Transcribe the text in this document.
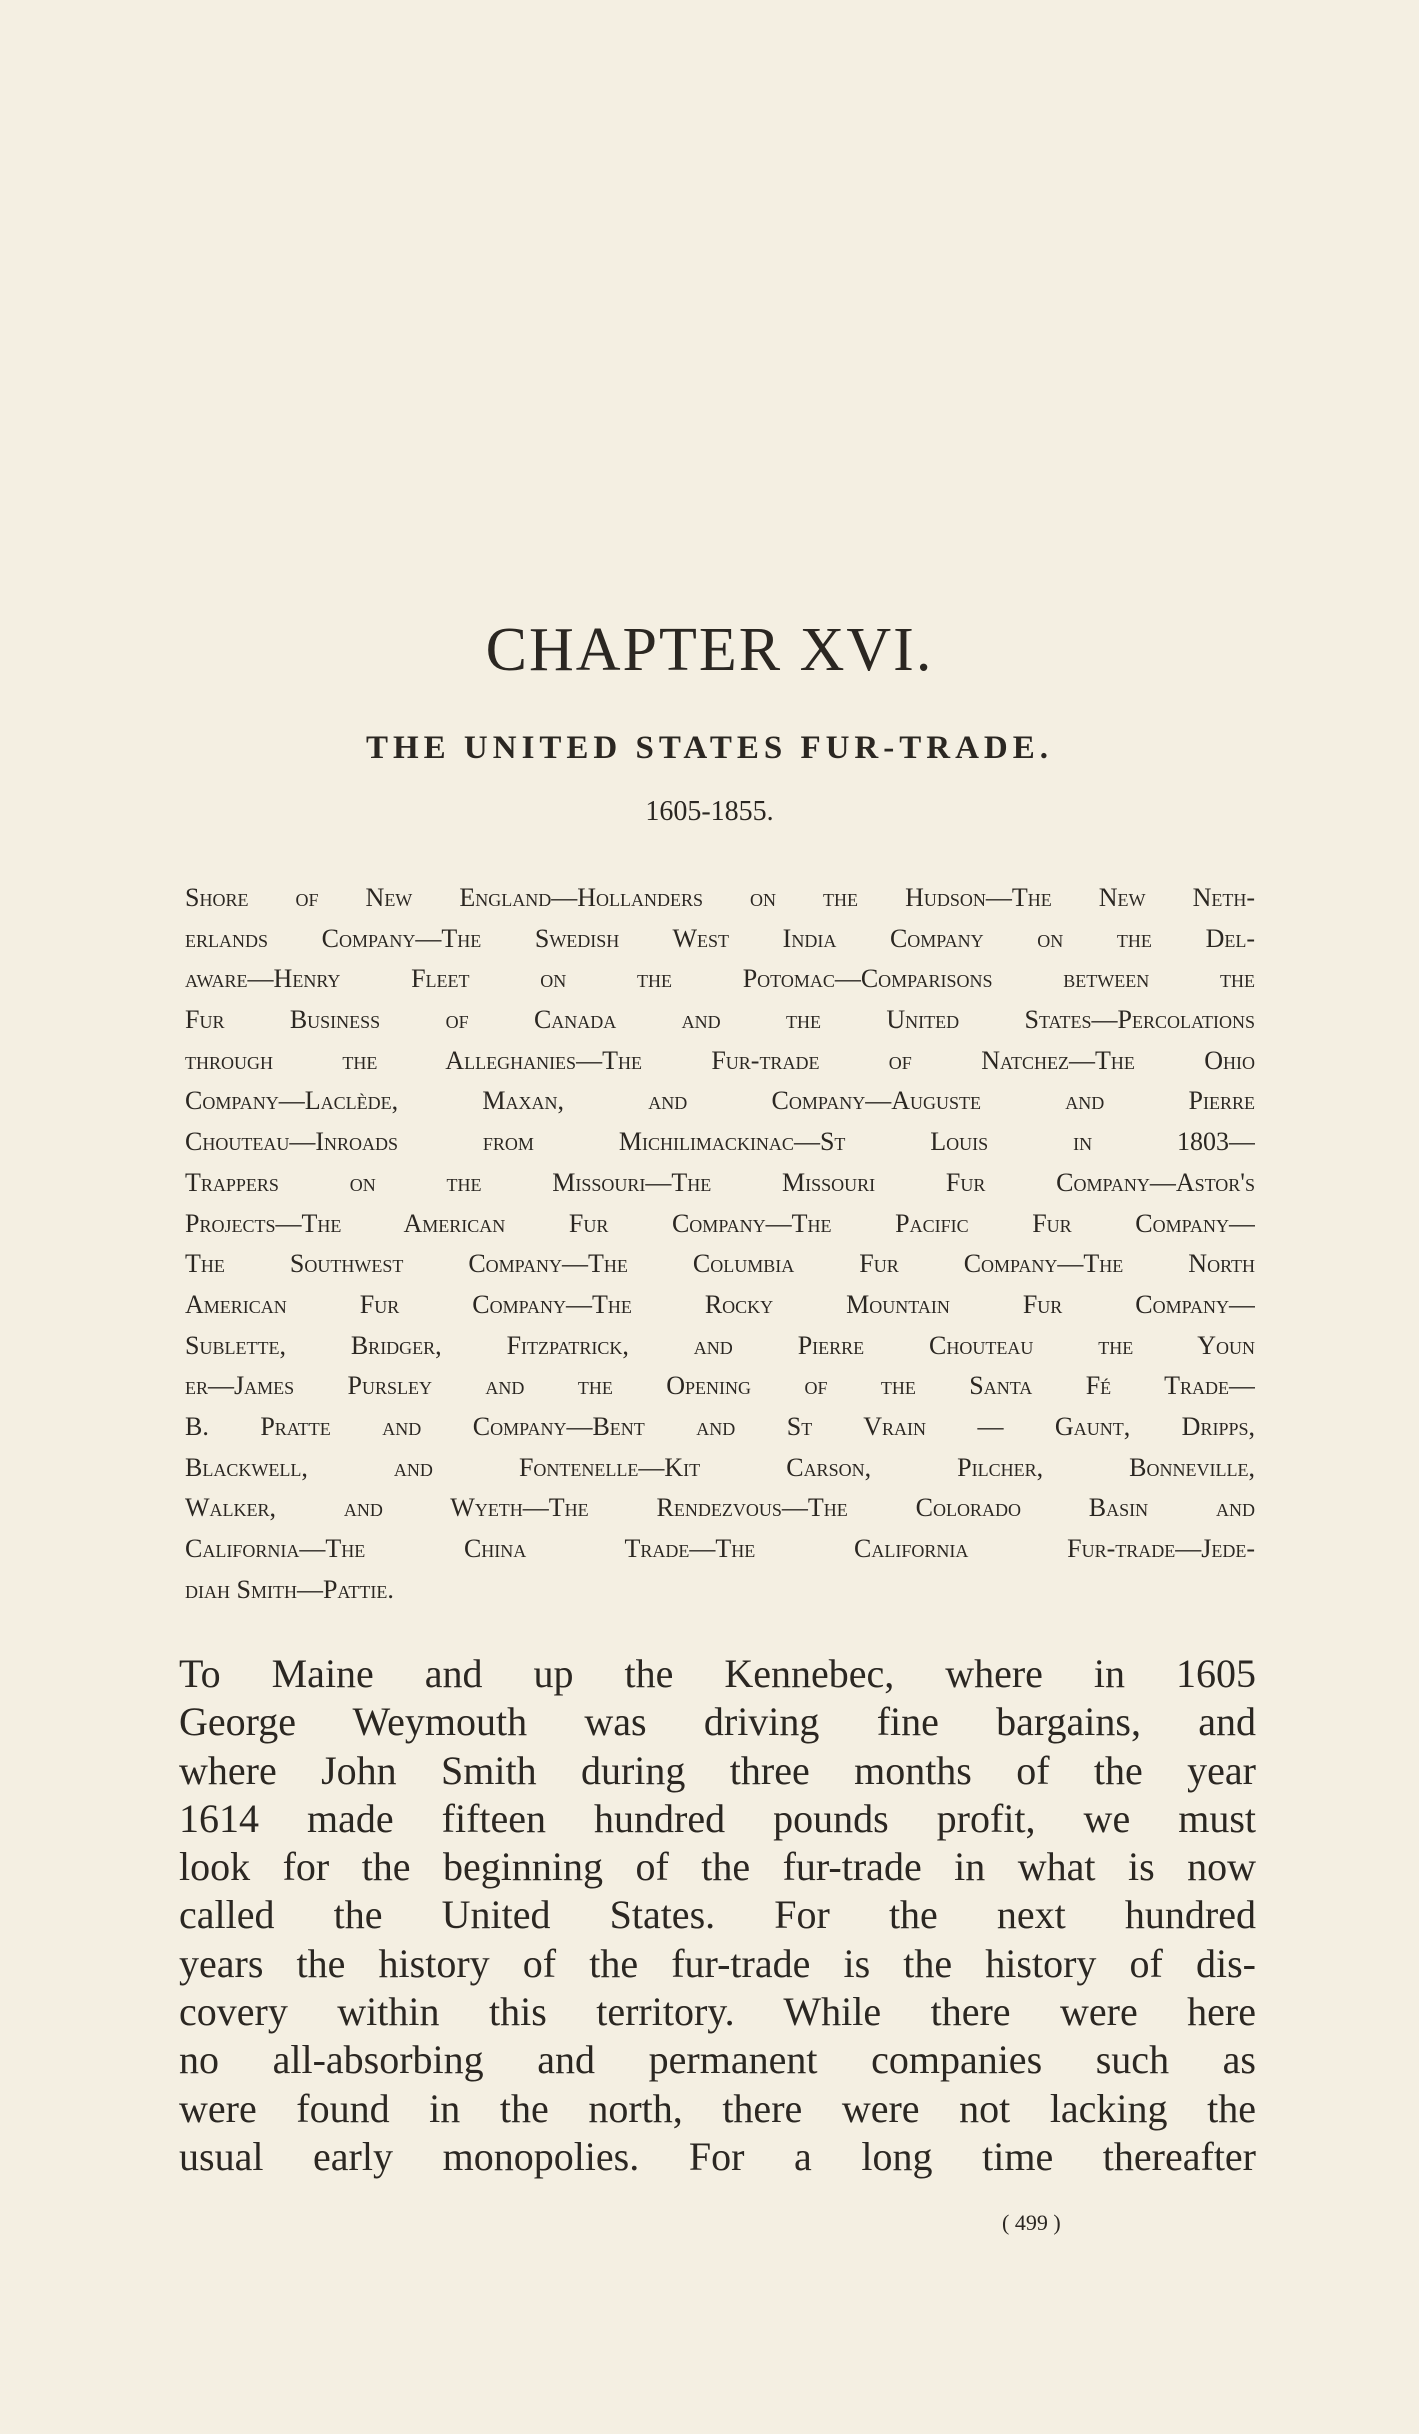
CHAPTER XVI.
THE UNITED STATES FUR-TRADE.

1605-1855.

Shore of New England—Hollanders on the Hudson—The New Neth-
erlands Company—The Swedish West India Company on the Del-
aware—Henry Fleet on the Potomac—Comparisons between the
Fur Business of Canada and the United States—Percolations
through the Alleghanies—The Fur-trade of Natchez—The Ohio
Company—Laclède, Maxan, and Company—Auguste and Pierre
Chouteau—Inroads from Michilimackinac—St Louis in 1803—
Trappers on the Missouri—The Missouri Fur Company—Astor's
Projects—The American Fur Company—The Pacific Fur Company—
The Southwest Company—The Columbia Fur Company—The North
American Fur Company—The Rocky Mountain Fur Company—
Sublette, Bridger, Fitzpatrick, and Pierre Chouteau the Youn
er—James Pursley and the Opening of the Santa Fé Trade—
B. Pratte and Company—Bent and St Vrain — Gaunt, Dripps,
Blackwell, and Fontenelle—Kit Carson, Pilcher, Bonneville,
Walker, and Wyeth—The Rendezvous—The Colorado Basin and
California—The China Trade—The California Fur-trade—Jede-
diah Smith—Pattie.
To Maine and up the Kennebec, where in 1605
George Weymouth was driving fine bargains, and
where John Smith during three months of the year
1614 made fifteen hundred pounds profit, we must
look for the beginning of the fur-trade in what is now
called the United States. For the next hundred
years the history of the fur-trade is the history of dis-
covery within this territory. While there were here
no all-absorbing and permanent companies such as
were found in the north, there were not lacking the
usual early monopolies. For a long time thereafter

( 499 )
